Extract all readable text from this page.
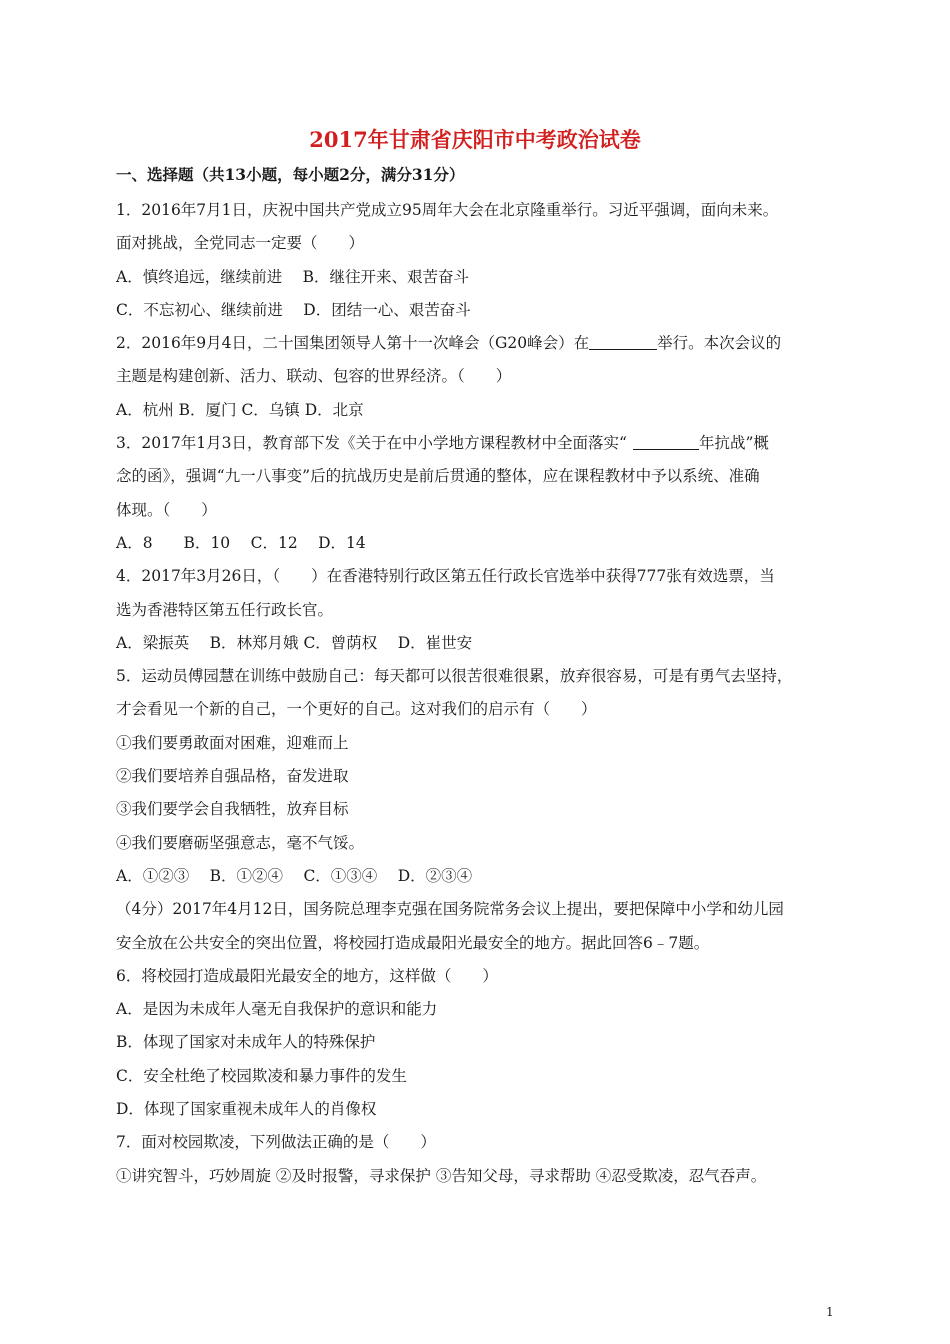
2017年甘肃省庆阳市中考政治试卷
一、选择题（共13小题，每小题2分，满分31分）
1．2016年7月1日，庆祝中国共产党成立95周年大会在北京隆重举行。习近平强调，面向未来。
面对挑战，全党同志一定要（　　）
A．慎终追远，继续前进　 B．继往开来、艰苦奋斗
C．不忘初心、继续前进　 D．团结一心、艰苦奋斗
2．2016年9月4日，二十国集团领导人第十一次峰会（G20峰会）在	举行。本次会议的
主题是构建创新、活力、联动、包容的世界经济。（　　）
A．杭州 B．厦门 C．乌镇 D．北京
3．2017年1月3日，教育部下发《关于在中小学地方课程教材中全面落实“	年抗战”概
念的函》，强调“九一八事变”后的抗战历史是前后贯通的整体，应在课程教材中予以系统、准确
体现。（　　）
A．8　　B．10　 C．12　 D．14
4．2017年3月26日，（　　）在香港特别行政区第五任行政长官选举中获得777张有效选票，当
选为香港特区第五任行政长官。
A．梁振英　 B．林郑月娥 C．曾荫权　 D．崔世安
5．运动员傅园慧在训练中鼓励自己：每天都可以很苦很难很累，放弃很容易，可是有勇气去坚持，
才会看见一个新的自己，一个更好的自己。这对我们的启示有（　　）
①我们要勇敢面对困难，迎难而上
②我们要培养自强品格，奋发进取
③我们要学会自我牺牲，放弃目标
④我们要磨砺坚强意志，毫不气馁。
A．①②③　 B．①②④　 C．①③④　 D．②③④
（4分）2017年4月12日，国务院总理李克强在国务院常务会议上提出，要把保障中小学和幼儿园
安全放在公共安全的突出位置，将校园打造成最阳光最安全的地方。据此回答6﹣7题。
6．将校园打造成最阳光最安全的地方，这样做（　　）
A．是因为未成年人毫无自我保护的意识和能力
B．体现了国家对未成年人的特殊保护
C．安全杜绝了校园欺凌和暴力事件的发生
D．体现了国家重视未成年人的肖像权
7．面对校园欺凌，下列做法正确的是（　　）
①讲究智斗，巧妙周旋 ②及时报警，寻求保护 ③告知父母，寻求帮助 ④忍受欺凌，忍气吞声。
1
